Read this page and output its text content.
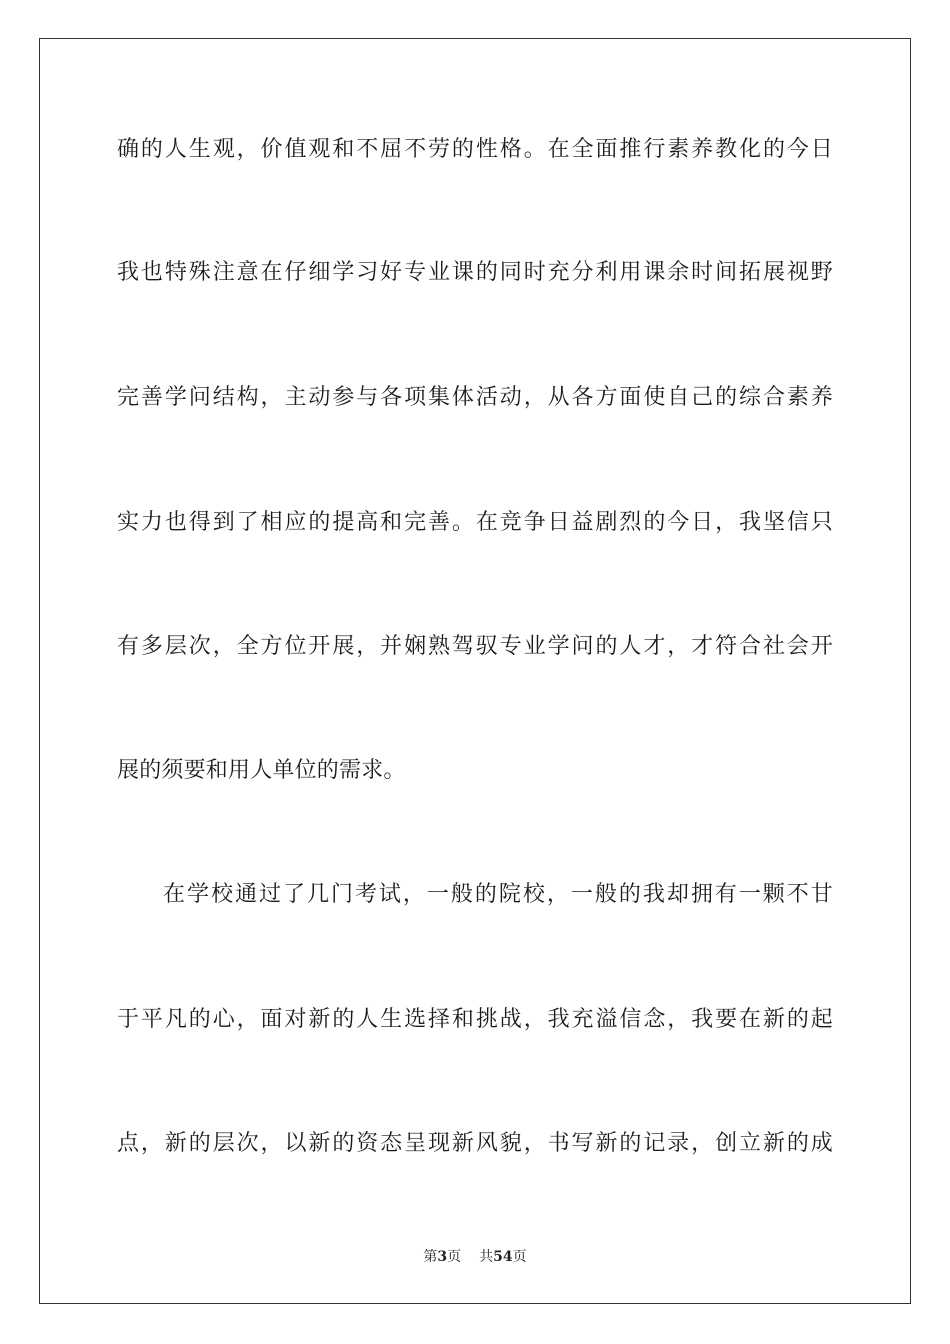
确的人生观，价值观和不屈不劳的性格。在全面推行素养教化的今日
我也特殊注意在仔细学习好专业课的同时充分利用课余时间拓展视野
完善学问结构，主动参与各项集体活动，从各方面使自己的综合素养
实力也得到了相应的提高和完善。在竞争日益剧烈的今日，我坚信只
有多层次，全方位开展，并娴熟驾驭专业学问的人才，才符合社会开
展的须要和用人单位的需求。
在学校通过了几门考试，一般的院校，一般的我却拥有一颗不甘
于平凡的心，面对新的人生选择和挑战，我充溢信念，我要在新的起
点，新的层次，以新的资态呈现新风貌，书写新的记录，创立新的成
第3页 共54页
